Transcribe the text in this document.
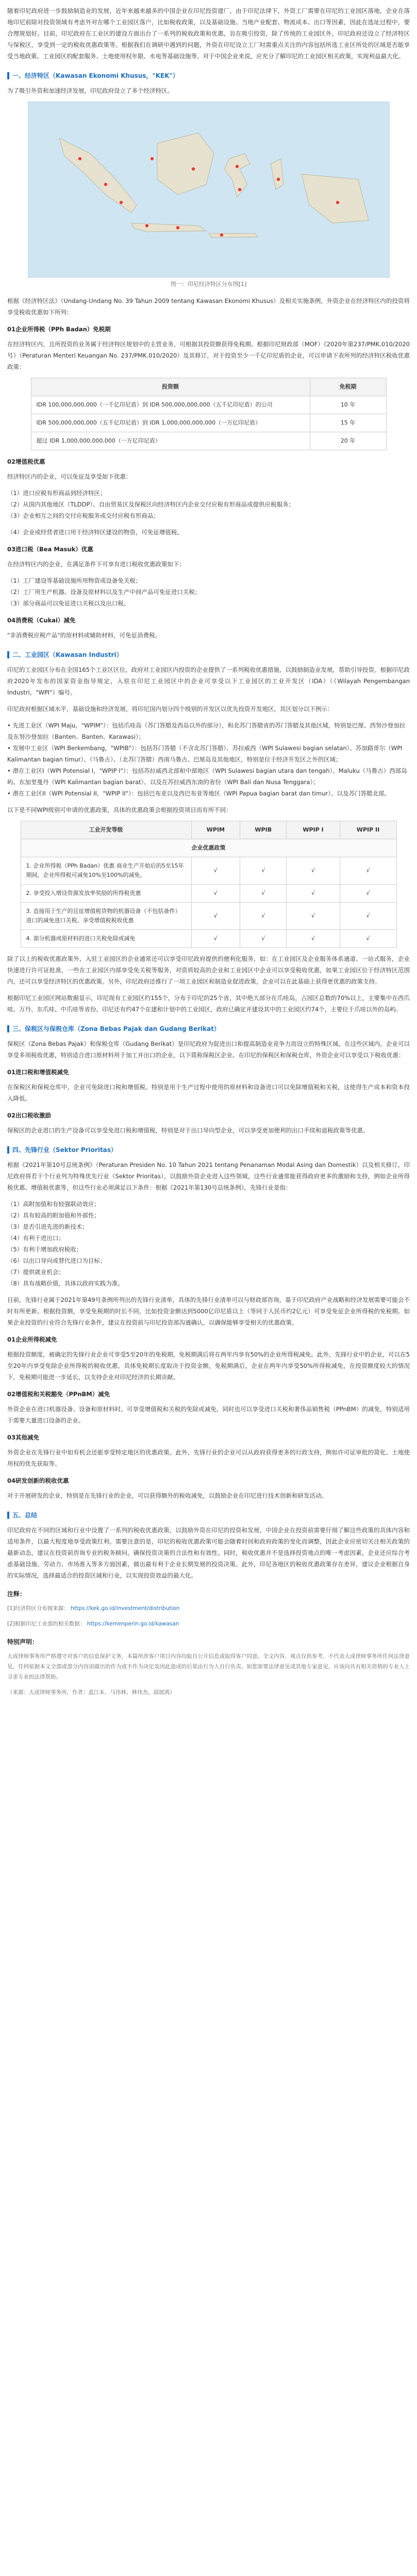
随着印尼政府进一步鼓励制造业的发展，近年来越来越多的中国企业在印尼投资建厂，由于印尼法律下，外资工厂需要在印尼的工业园区落地，企业在落地印尼前除对投资领域有考虑外对在哪个工业园区落户，比如税收政策，以及基础设施、当地产业配套、物流成本、出口等因素，因此在选址过程中，要合理规划好。目前，印尼政府在工业区的建设方面出台了一系列的税收政策和优惠，旨在吸引投资，除了传统的工业园区外，印尼政府还设立了经济特区与保税区，享受到一定的税收优惠政策等。根据我们在调研中遇到的问题，外资在印尼设立工厂时需重点关注的内容包括所选工业区所处的区域是否能享受当地政策、工业园区的配套服务、土地使用权年限、水电等基础设施等。对于中国企业来说，应充分了解印尼的工业园区相关政策，实现利益最大化。

一、经济特区（Kawasan Ekonomi Khusus，"KEK"）

为了吸引外资和加速经济发展，印尼政府设立了多个经济特区。

图一：印尼经济特区分布图[1]

根据《经济特区法》（Undang-Undang No. 39 Tahun 2009 tentang Kawasan Ekonomi Khusus）及相关实施条例，外资企业在经济特区内的投资将享受税收优惠如下所列：

01企业所得税（PPh Badan）免税期

在经济特区内，且所投资的业务属于经济特区规划中的主营业务，可根据其投资额获得免税期。根据印尼财政部（MOF）《2020年第237/PMK.010/2020号》（Peraturan Menteri Keuangan No. 237/PMK.010/2020）及其修订，对于投资至少一千亿印尼盾的企业，可以申请下表所列的经济特区税收优惠政策：

投资额	免税期
IDR 100,000,000,000（一千亿印尼盾）到 IDR 500,000,000,000（五千亿印尼盾）的公司	10 年
IDR 500,000,000,000（五千亿印尼盾）到 IDR 1,000,000,000,000（一万亿印尼盾）	15 年
超过 IDR 1,000,000,000,000（一万亿印尼盾）	20 年
02增值税优惠

经济特区内的企业，可以免征及享受如下优惠：

（1）进口应税有形商品到经济特区；
（2）从国内其他地区（TLDDP）、自由贸易区及保税区向经济特区内企业交付应税有形商品或提供应税服务；
（3）企业相互之间的交付应税服务或交付应税有形商品；

（4）企业或经营者进口用于经济特区建设的物资，可免征增值税。

03进口税（Bea Masuk）优惠

在经济特区内的企业，在满足条件下可享有进口税收优惠政策如下：

（1）工厂建设等基础设施所用物资或设备免关税；
（2）工厂用生产机器、设备及原材料以及生产中间产品可免征进口关税；
（3）部分商品可以免征进口关税以及出口税。
04消费税（Cukai）减免

"非消费税应税产品"的原材料或辅助材料，可免征消费税。

二、工业园区（Kawasan Industri）

印尼的工业园区分布在全国165个工业区区位。政府对工业园区内投资的企业提供了一系列税收优惠措施，以鼓励制造业发展，帮助引导投资。根据印尼政府2020年发布的国家资金指导规定，入驻在印尼工业园区中的企业可享受以下工业园区的工业开发区（IDA）（《Wilayah Pengembangan Industri，"WPI"）编号。

印尼政府根据区域水平，基础设施和经济发展，将印尼国内划分四个级别的开发区以优先投资开发地区，其区划分以下例示：

• 先进工业区（WPI Maju，"WPIM"）：包括爪哇岛（苏门答腊及西岛以外的部分），和北苏门答腊省的苏门答腊及其他区域，特别是巴厘、西努沙登加拉及东努沙登加拉（Banten、Banten、Karawasi）；
• 发展中工业区（WPI Berkembang，"WPIB"）：包括苏门答腊（不含北苏门答腊）、苏拉威西（WPI Sulawesi bagian selatan）、苏加路哥尔（WPI Kalimantan bagian timur）、（马鲁古）、（北苏门答腊）西南马鲁古、巴厘岛及其他地区，特别是位于经济开发区之外的区域；
• 潜在工业区I（WPI Potensial I，"WPIP I"）：包括苏拉威西北部和中部地区（WPI Sulawesi bagian utara dan tengah）、Maluku（马鲁古）西部岛屿、东加里曼丹（WPI Kalimantan bagian barat）、以及在苏拉威西东南的省份（WPI Bali dan Nusa Tenggara）；
• 潜在工业区II（WPI Potensial II，"WPIP II"）：包括巴布亚以及西巴布亚等地区（WPI Papua bagian barat dan timur）、以及苏门答腊北部。

以下是不同WPI级别可申请的优惠政策，具体的优惠政策会根据投资项目而有所不同：

工业开发等级	WPIM	WPIB	WPIP I	WPIP II
企业优惠政策				
1. 企业所得税（PPh Badan）优惠 商业生产开始后的5至15年期间，企业所得税可减免10%至100%的减免。	√	√	√	√
2. 享受投入增设资源发放率奖励的所得税优惠	√	√	√	√
3. 直接用于生产的且征增值税货物的机器设备（不包括备件）进口的减免进口关税。享受增值税税收优惠	√	√	√	√
4. 部分机器或原材料的进口关税免除或减免	√	√	√	√

除了以上的税收优惠政策外，入驻工业园区的企业通常还可以享受印尼政府提供的便利化服务，如：在工业园区及企业服务体系通道、一站式服务，企业快速进行许可证批准，一些在工业园区内部享受免关税等服务，对资质较高的企业和工业园区中企业可以享受税收优惠，如果工业园区位于经济特区范围内，还可以享受经济特区的优惠政策。另外，印尼政府还推行了一项工业园区和制造业促进政策，企业可以在此基础上获得更优惠的政策支持。

根据印尼工业园区网站数据显示，印尼现有工业园区约155个，分布于印尼的25个省，其中绝大部分在爪哇岛，占园区总数的70%以上，主要集中在西爪哇、万丹、东爪哇、中爪哇等省份。印尼还有约47个在建和计划中的工业园区，政府已确定并建设其中的工业园区约74个，主要位于爪哇以外的岛屿。

三、保税区与保税仓库（Zona Bebas Pajak dan Gudang Berikat）

保税区（Zona Bebas Pajak）和保税仓库（Gudang Berikat）是印尼政府为促进出口和提高制造业竞争力而设立的特殊区域。在这些区域内，企业可以享受多项税收优惠，特别适合进口原材料用于加工并出口的企业，以下简称保税区企业。在印尼的保税区和保税仓库，外资企业可以享受以下税收优惠：

01进口税和增值税减免

在保税区和保税仓库中，企业可免除进口税和增值税。特别是用于生产过程中使用的原材料和设备进口可以免除增值税和关税，这使得生产成本和资本投入降低。

02出口税收激励

保税区的企业进口的生产设备可以享受免进口税和增值税，特别是对于出口导向型企业，可以享受更加便利的出口手续和退税政策等优惠。

四、先锋行业（Sektor Prioritas）

根据《2021年第10号总统条例》（Peraturan Presiden No. 10 Tahun 2021 tentang Penanaman Modal Asing dan Domestik）以及相关修订，印尼政府将若干个行业列为特殊优先行业（Sektor Prioritas），以鼓励外资企业进入这些领域，这些行业通常能获得政府更多的激励和支持，例如企业所得税优惠、增值税优惠等，但这些行业必须满足以下条件：根据《2021年第130号总统条例》，先锋行业是指：

（1）高附加值和有较强联动效应；
（2）具有较高的附加值和外部性；
（3）是否引进先进的新技术；
（4）有利于进出口；
（5）有利于增加政府税收；
（6）以出口导向或替代进口为目标；
（7）提供就业机会；
（8）具有战略价值，具体以政府实践为准。

目前，先锋行业属于2021年第49号条例所列出的先锋行业清单，具体的先锋行业清单可以与财政部咨询，基于印尼政府产业战略和经济发展需要可能会不时有所更新。根据投资额，享受免税期的时长不同，比如投资金额达到5000亿印尼盾以上（等同于人民币约2亿元）可享受免征企业所得税的免税期。如果企业投资的行业符合先锋行业条件，建议在投资前与印尼投资部沟通确认，以确保能够享受相关的优惠政策。

01企业所得税减免

根据投资额度，被确定的先锋行业企业可享受5至20年的免税期，免税期满后将在两年内享有50%的企业所得税减免。此外，先锋行业中的企业，可以在5至20年内享受免除企业所得税的税收优惠，具体免税期长度取决于投资金额，免税期满后，企业在两年内享受50%所得税减免，在投资额度较大的情况下，免税期可能进一步延长，以支持企业对印尼经济的长期贡献。

02增值税和关税豁免（PPnBM）减免

外资企业在进口机器设备、设备和原材料时，可享受增值税和关税的免除或减免，同时也可以享受进口关税和奢侈品销售税（PPnBM）的减免，特别适用于需要大量进口设备的企业。

03其他减免

外资企业在先锋行业中如有机会还能享受特定地区的优惠政策。此外，先锋行业的企业可以从政府获得更多的行政支持，例如许可证审批的简化、土地使用权的优先获取等。

04研发创新的税收优惠

对于开展研发的企业，特别是在先锋行业的企业，可以获得额外的税收减免，以鼓励企业在印尼进行技术创新和研发活动。

五、总结

印尼政府在不同的区域和行业中设置了一系列的税收优惠政策，以鼓励外资在印尼的投资和发展，中国企业在投资前需要仔细了解这些政策的具体内容和适用条件，以最大程度地享受政策红利。需要注意的是，印尼的税收优惠政策可能会随着时间和政府政策的变化而调整，因此企业应密切关注相关政策的最新动态，建议在投资前咨询专业的税务顾问，确保投资决策的合法性和有效性。同时，税收优惠并不是选择投资地点的唯一考虑因素，企业还应综合考虑基础设施、劳动力、市场准入等多方面因素，做出最有利于企业长期发展的投资决策。此外，印尼各地区的税收优惠政策存在差异，建议企业根据自身的实际情况，选择最适合的投资区域和行业，以实现投资效益的最大化。

注释：

[1]经济特区分布图来源： https://kek.go.id/investment/distribution

[2]根据印尼工业部的相关数据： https://kemenperin.go.id/kawasan

特别声明：

大成律师事务所严格遵守对客户的信息保护义务，本篇所涉客户项目内容均取自公开信息或取得客户同意。全文内容、观点仅供参考，不代表大成律师事务所任何法律意见，任何依据本文全部或部分内容而做出的作为或不作为决定及因此造成的后果由行为人自行负责。如您需要法律意见或其他专家意见，应该向具有相关资格的专业人士寻求专业的法律帮助。

（来源：大成律师事务所，作者：蓝江本、马伟林、林伟杰、邱展鸿）
